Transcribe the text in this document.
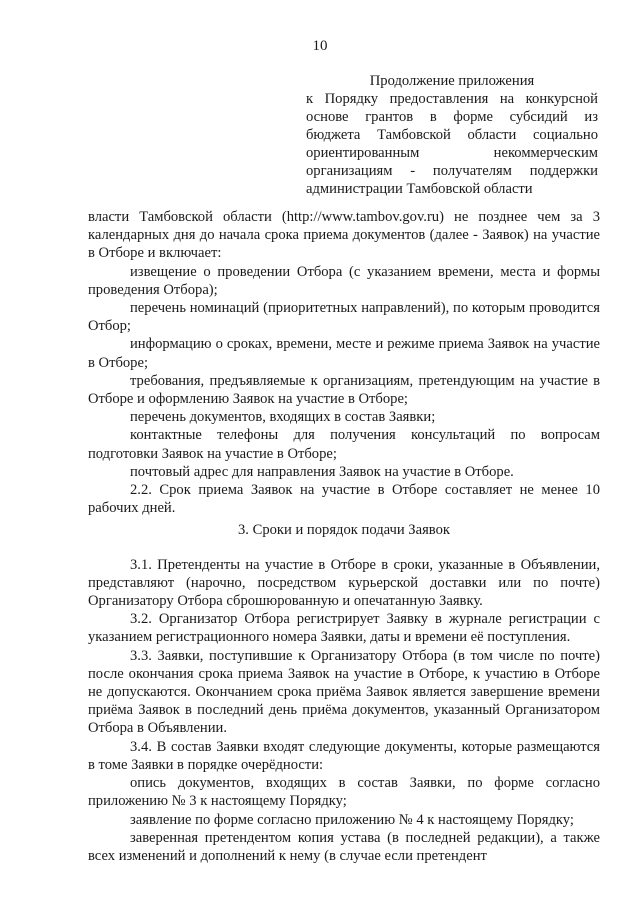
10
Продолжение приложения
к Порядку предоставления на конкурсной
основе грантов в форме субсидий из
бюджета Тамбовской области социально
ориентированным некоммерческим
организациям - получателям поддержки
администрации Тамбовской области

власти Тамбовской области (http://www.tambov.gov.ru) не позднее чем за 3 календарных дня до начала срока приема документов (далее - Заявок) на участие в Отборе и включает:

извещение о проведении Отбора (с указанием времени, места и формы проведения Отбора);

перечень номинаций (приоритетных направлений), по которым проводится Отбор;

информацию о сроках, времени, месте и режиме приема Заявок на участие в Отборе;

требования, предъявляемые к организациям, претендующим на участие в Отборе и оформлению Заявок на участие в Отборе;

перечень документов, входящих в состав Заявки;

контактные телефоны для получения консультаций по вопросам подготовки Заявок на участие в Отборе;

почтовый адрес для направления Заявок на участие в Отборе.

2.2. Срок приема Заявок на участие в Отборе составляет не менее 10 рабочих дней.

3. Сроки и порядок подачи Заявок

3.1. Претенденты на участие в Отборе в сроки, указанные в Объявлении, представляют (нарочно, посредством курьерской доставки или по почте) Организатору Отбора сброшюрованную и опечатанную Заявку.

3.2. Организатор Отбора регистрирует Заявку в журнале регистрации с указанием регистрационного номера Заявки, даты и времени её поступления.

3.3. Заявки, поступившие к Организатору Отбора (в том числе по почте) после окончания срока приема Заявок на участие в Отборе, к участию в Отборе не допускаются. Окончанием срока приёма Заявок является завершение времени приёма Заявок в последний день приёма документов, указанный Организатором Отбора в Объявлении.

3.4. В состав Заявки входят следующие документы, которые размещаются в томе Заявки в порядке очерёдности:

опись документов, входящих в состав Заявки, по форме согласно приложению № 3 к настоящему Порядку;

заявление по форме согласно приложению № 4 к настоящему Порядку;

заверенная претендентом копия устава (в последней редакции), а также всех изменений и дополнений к нему (в случае если претендент
